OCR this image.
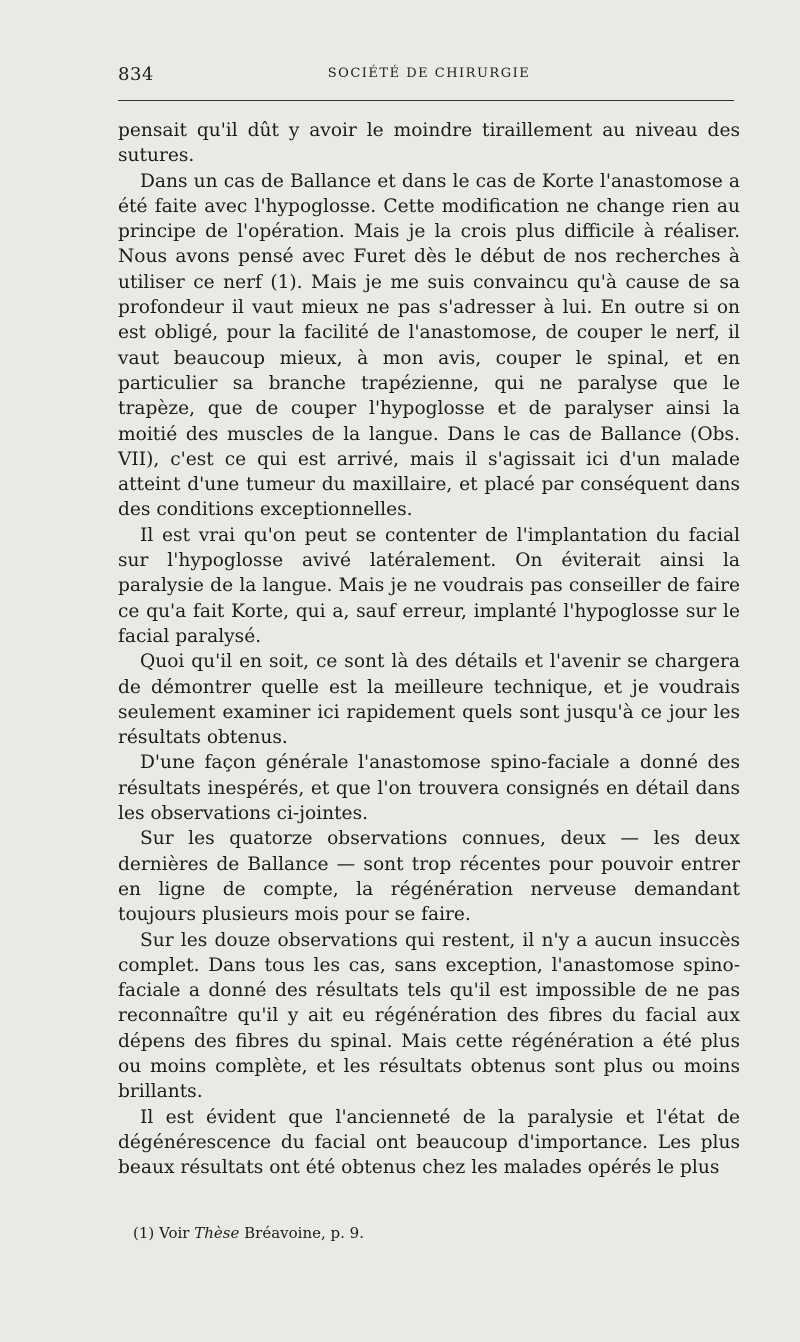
834	SOCIÉTÉ DE CHIRURGIE

pensait qu'il dût y avoir le moindre tiraillement au niveau des sutures.

Dans un cas de Ballance et dans le cas de Korte l'anastomose a été faite avec l'hypoglosse. Cette modification ne change rien au principe de l'opération. Mais je la crois plus difficile à réaliser. Nous avons pensé avec Furet dès le début de nos recherches à utiliser ce nerf (1). Mais je me suis convaincu qu'à cause de sa profondeur il vaut mieux ne pas s'adresser à lui. En outre si on est obligé, pour la facilité de l'anastomose, de couper le nerf, il vaut beaucoup mieux, à mon avis, couper le spinal, et en particulier sa branche trapézienne, qui ne paralyse que le trapèze, que de couper l'hypoglosse et de paralyser ainsi la moitié des muscles de la langue. Dans le cas de Ballance (Obs. VII), c'est ce qui est arrivé, mais il s'agissait ici d'un malade atteint d'une tumeur du maxillaire, et placé par conséquent dans des conditions exceptionnelles.

Il est vrai qu'on peut se contenter de l'implantation du facial sur l'hypoglosse avivé latéralement. On éviterait ainsi la paralysie de la langue. Mais je ne voudrais pas conseiller de faire ce qu'a fait Korte, qui a, sauf erreur, implanté l'hypoglosse sur le facial paralysé.

Quoi qu'il en soit, ce sont là des détails et l'avenir se chargera de démontrer quelle est la meilleure technique, et je voudrais seulement examiner ici rapidement quels sont jusqu'à ce jour les résultats obtenus.

D'une façon générale l'anastomose spino-faciale a donné des résultats inespérés, et que l'on trouvera consignés en détail dans les observations ci-jointes.

Sur les quatorze observations connues, deux — les deux dernières de Ballance — sont trop récentes pour pouvoir entrer en ligne de compte, la régénération nerveuse demandant toujours plusieurs mois pour se faire.

Sur les douze observations qui restent, il n'y a aucun insuccès complet. Dans tous les cas, sans exception, l'anastomose spino-faciale a donné des résultats tels qu'il est impossible de ne pas reconnaître qu'il y ait eu régénération des fibres du facial aux dépens des fibres du spinal. Mais cette régénération a été plus ou moins complète, et les résultats obtenus sont plus ou moins brillants.

Il est évident que l'ancienneté de la paralysie et l'état de dégénérescence du facial ont beaucoup d'importance. Les plus beaux résultats ont été obtenus chez les malades opérés le plus

(1) Voir Thèse Bréavoine, p. 9.
